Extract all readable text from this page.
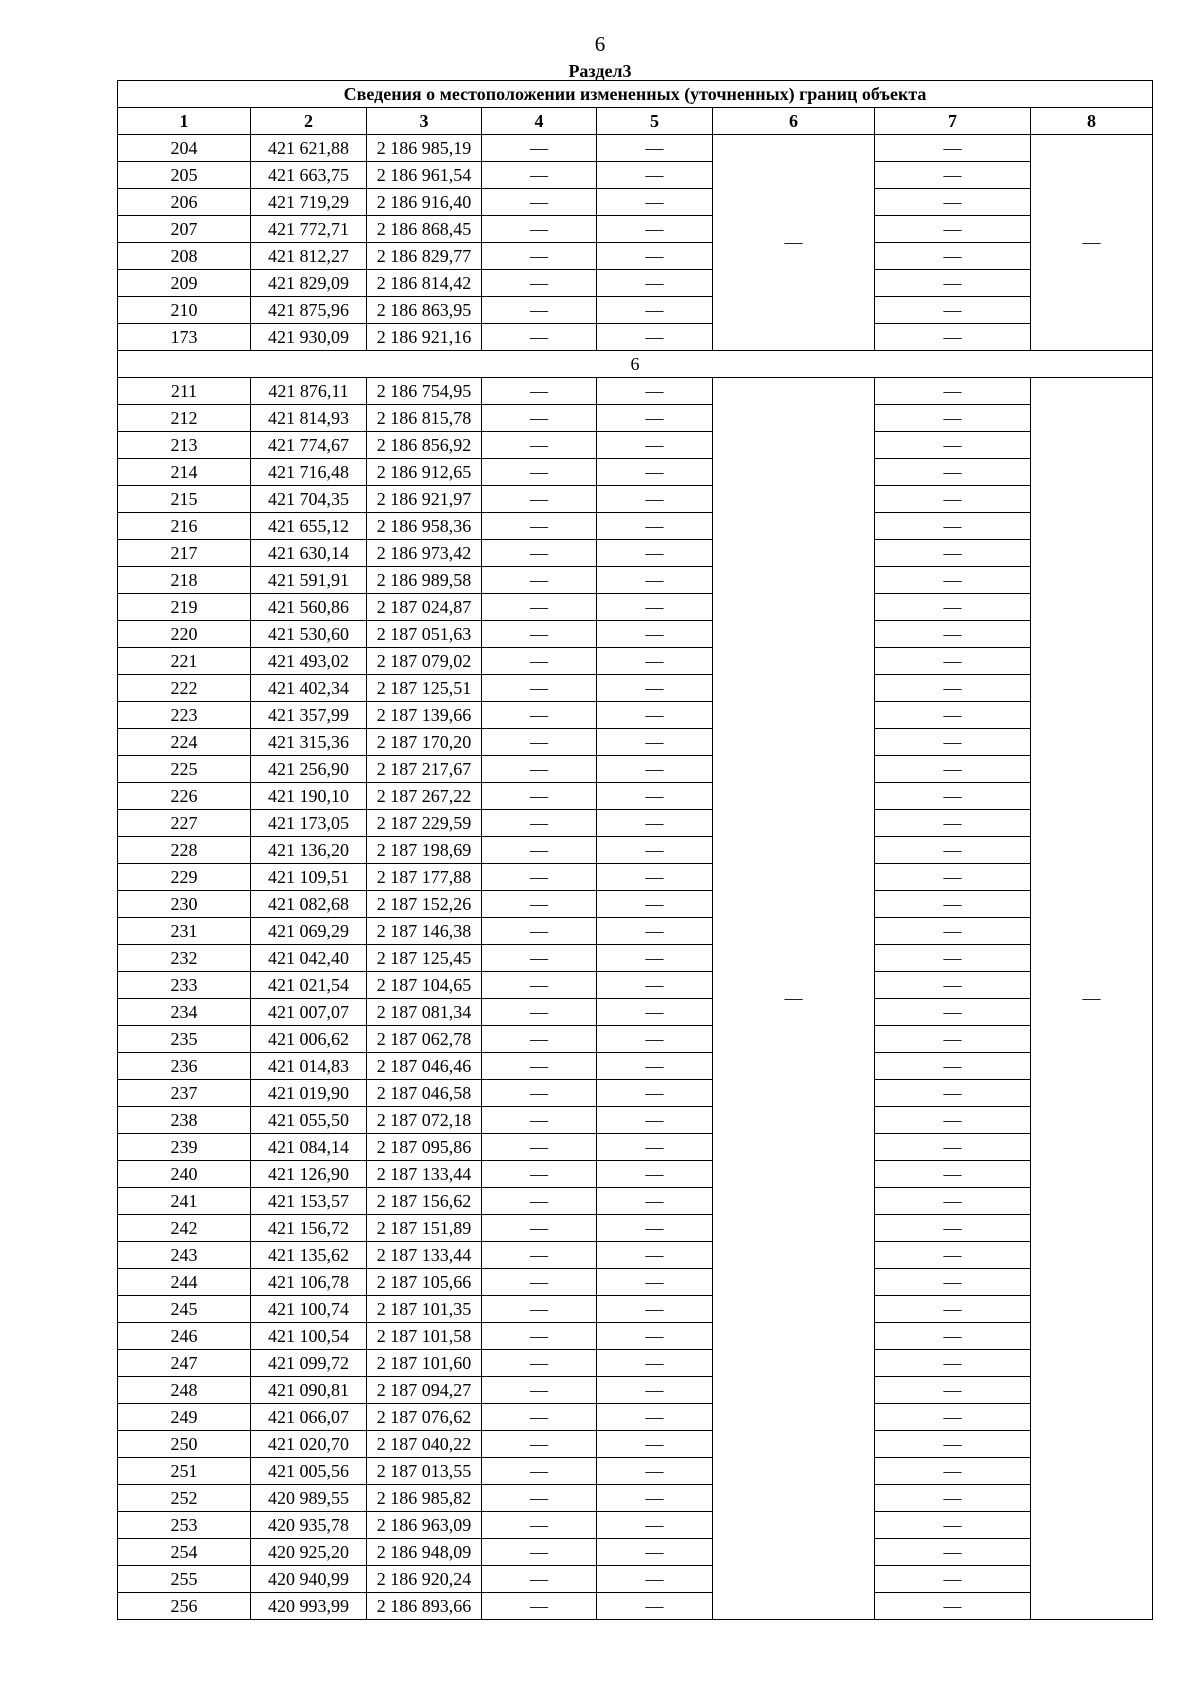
6
Раздел3
Сведения о местоположении измененных (уточненных) границ объекта							
1	2	3	4	5	6	7	8
204	421 621,88	2 186 985,19	—	—	—	—	—
205	421 663,75	2 186 961,54	—	—		—	
206	421 719,29	2 186 916,40	—	—		—	
207	421 772,71	2 186 868,45	—	—		—	
208	421 812,27	2 186 829,77	—	—		—	
209	421 829,09	2 186 814,42	—	—		—	
210	421 875,96	2 186 863,95	—	—		—	
173	421 930,09	2 186 921,16	—	—		—	
6							
211	421 876,11	2 186 754,95	—	—	—	—	—
212	421 814,93	2 186 815,78	—	—		—	
213	421 774,67	2 186 856,92	—	—		—	
214	421 716,48	2 186 912,65	—	—		—	
215	421 704,35	2 186 921,97	—	—		—	
216	421 655,12	2 186 958,36	—	—		—	
217	421 630,14	2 186 973,42	—	—		—	
218	421 591,91	2 186 989,58	—	—		—	
219	421 560,86	2 187 024,87	—	—		—	
220	421 530,60	2 187 051,63	—	—		—	
221	421 493,02	2 187 079,02	—	—		—	
222	421 402,34	2 187 125,51	—	—		—	
223	421 357,99	2 187 139,66	—	—		—	
224	421 315,36	2 187 170,20	—	—		—	
225	421 256,90	2 187 217,67	—	—		—	
226	421 190,10	2 187 267,22	—	—		—	
227	421 173,05	2 187 229,59	—	—		—	
228	421 136,20	2 187 198,69	—	—		—	
229	421 109,51	2 187 177,88	—	—		—	
230	421 082,68	2 187 152,26	—	—		—	
231	421 069,29	2 187 146,38	—	—		—	
232	421 042,40	2 187 125,45	—	—		—	
233	421 021,54	2 187 104,65	—	—		—	
234	421 007,07	2 187 081,34	—	—		—	
235	421 006,62	2 187 062,78	—	—		—	
236	421 014,83	2 187 046,46	—	—		—	
237	421 019,90	2 187 046,58	—	—		—	
238	421 055,50	2 187 072,18	—	—		—	
239	421 084,14	2 187 095,86	—	—		—	
240	421 126,90	2 187 133,44	—	—		—	
241	421 153,57	2 187 156,62	—	—		—	
242	421 156,72	2 187 151,89	—	—		—	
243	421 135,62	2 187 133,44	—	—		—	
244	421 106,78	2 187 105,66	—	—		—	
245	421 100,74	2 187 101,35	—	—		—	
246	421 100,54	2 187 101,58	—	—		—	
247	421 099,72	2 187 101,60	—	—		—	
248	421 090,81	2 187 094,27	—	—		—	
249	421 066,07	2 187 076,62	—	—		—	
250	421 020,70	2 187 040,22	—	—		—	
251	421 005,56	2 187 013,55	—	—		—	
252	420 989,55	2 186 985,82	—	—		—	
253	420 935,78	2 186 963,09	—	—		—	
254	420 925,20	2 186 948,09	—	—		—	
255	420 940,99	2 186 920,24	—	—		—	
256	420 993,99	2 186 893,66	—	—		—	
